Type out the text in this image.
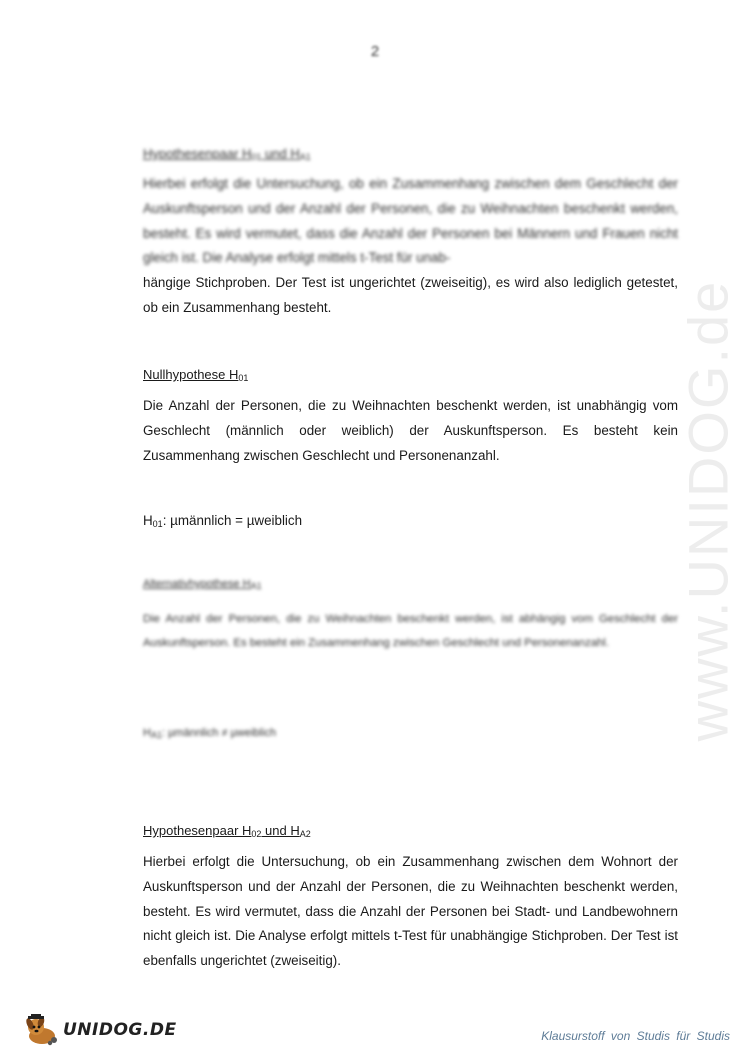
2
www.UNIDOG.de
Hypothesenpaar $H_{01}$ und $H_{A1}$
Hierbei erfolgt die Untersuchung, ob ein Zusammenhang zwischen dem Geschlecht der Auskunftsperson und der Anzahl der Personen, die zu Weihnachten beschenkt werden, besteht. Es wird vermutet, dass die Anzahl der Personen bei Männern und Frauen nicht gleich ist. Die Analyse erfolgt mittels t-Test für unab-
hängige Stichproben. Der Test ist ungerichtet (zweiseitig), es wird also lediglich getestet, ob ein Zusammenhang besteht.
Nullhypothese $H_{01}$
Die Anzahl der Personen, die zu Weihnachten beschenkt werden, ist unabhängig vom Geschlecht (männlich oder weiblich) der Auskunftsperson. Es besteht kein Zusammenhang zwischen Geschlecht und Personenanzahl.
$H_{01}$: µmännlich = µweiblich
Alternativhypothese $H_{A1}$
Die Anzahl der Personen, die zu Weihnachten beschenkt werden, ist abhängig vom Geschlecht der Auskunftsperson. Es besteht ein Zusammenhang zwischen Geschlecht und Personenanzahl.
$H_{A1}$: µmännlich ≠ µweiblich
Hypothesenpaar $H_{02}$ und $H_{A2}$
Hierbei erfolgt die Untersuchung, ob ein Zusammenhang zwischen dem Wohnort der Auskunftsperson und der Anzahl der Personen, die zu Weihnachten beschenkt werden, besteht. Es wird vermutet, dass die Anzahl der Personen bei Stadt- und Landbewohnern nicht gleich ist. Die Analyse erfolgt mittels t-Test für unabhängige Stichproben. Der Test ist ebenfalls ungerichtet (zweiseitig).
UNIDOG.DE	Klausurstoff von Studis für Studis
